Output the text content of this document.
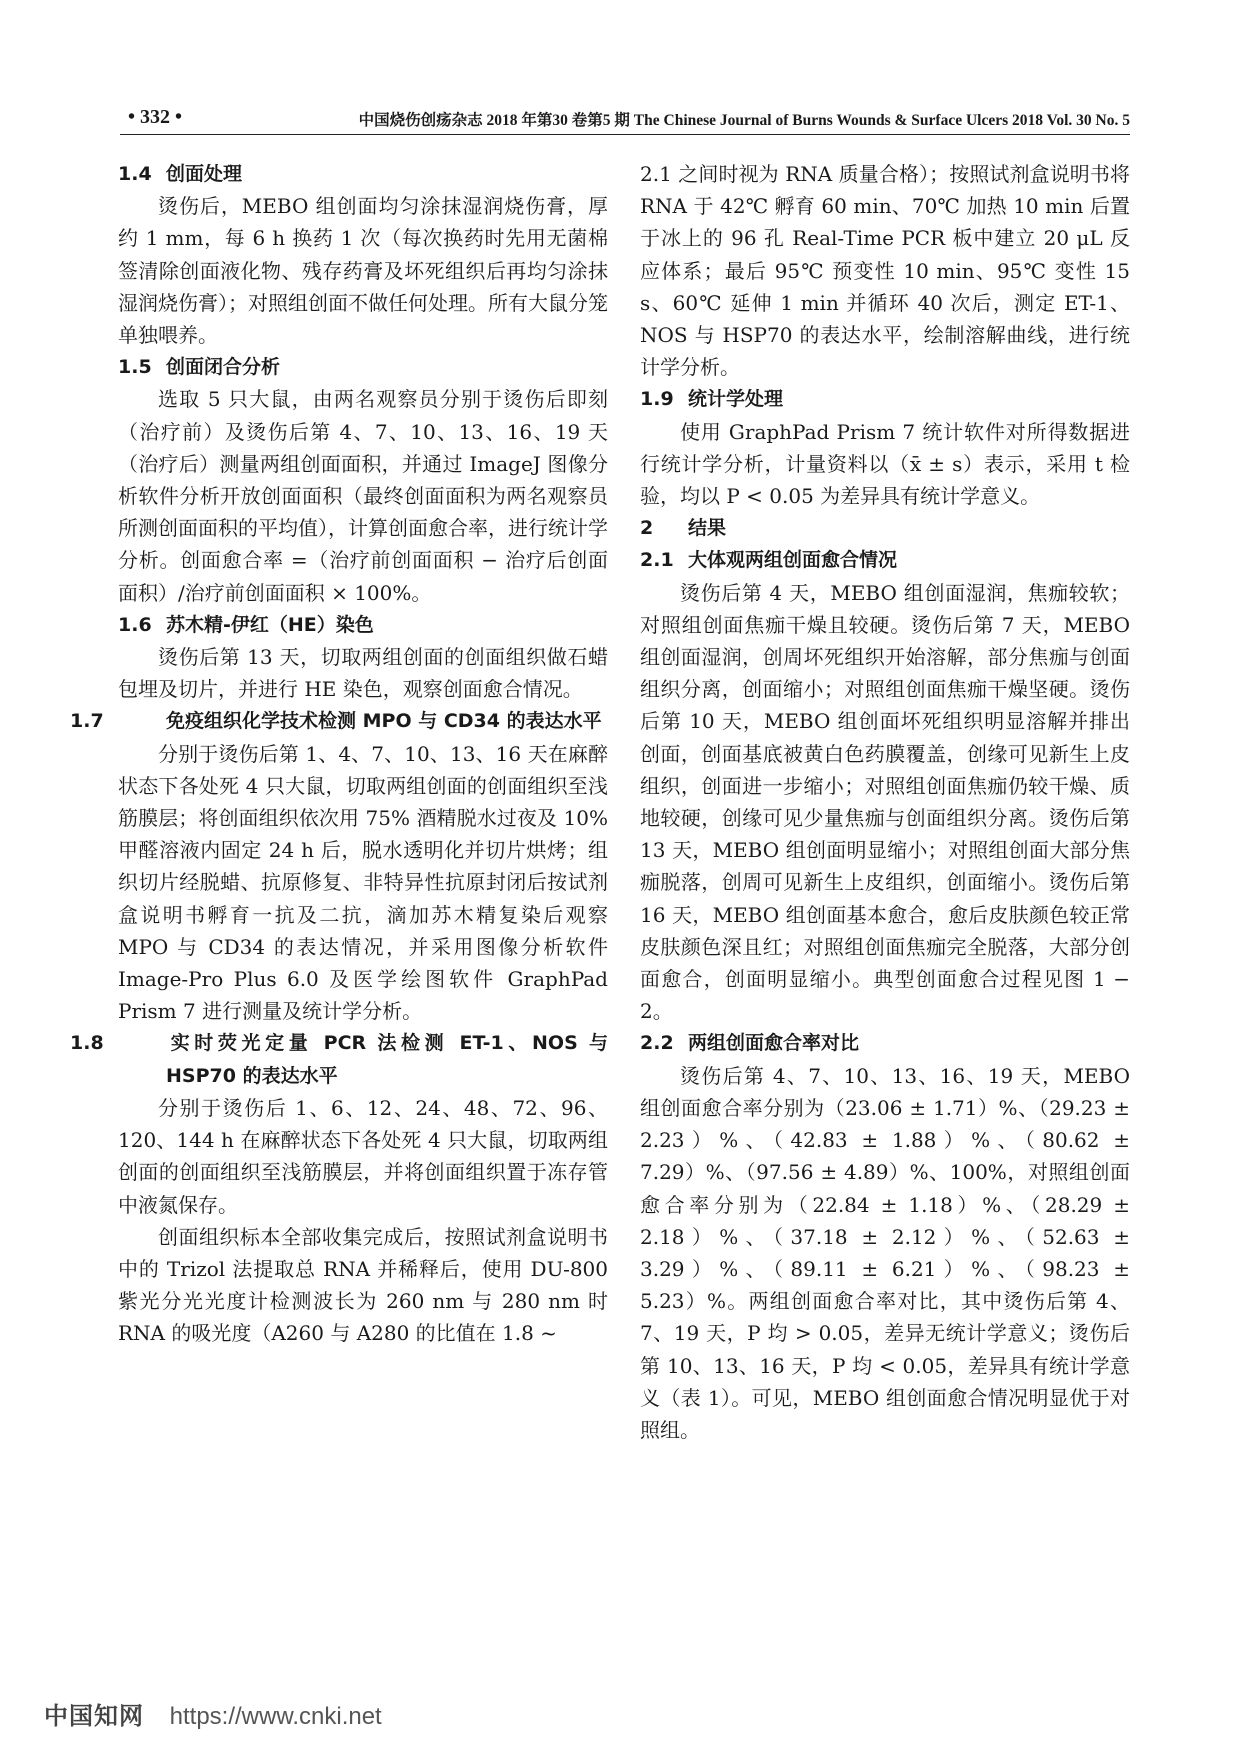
• 332 •	中国烧伤创疡杂志 2018 年第30 卷第5 期 The Chinese Journal of Burns Wounds & Surface Ulcers 2018 Vol. 30 No. 5

1.4 创面处理

烫伤后，MEBO 组创面均匀涂抹湿润烧伤膏，厚约 1 mm，每 6 h 换药 1 次（每次换药时先用无菌棉签清除创面液化物、残存药膏及坏死组织后再均匀涂抹湿润烧伤膏）；对照组创面不做任何处理。所有大鼠分笼单独喂养。

1.5 创面闭合分析

选取 5 只大鼠，由两名观察员分别于烫伤后即刻（治疗前）及烫伤后第 4、7、10、13、16、19 天（治疗后）测量两组创面面积，并通过 ImageJ 图像分析软件分析开放创面面积（最终创面面积为两名观察员所测创面面积的平均值），计算创面愈合率，进行统计学分析。创面愈合率 =（治疗前创面面积 − 治疗后创面面积）/治疗前创面面积 × 100%。

1.6 苏木精-伊红（HE）染色

烫伤后第 13 天，切取两组创面的创面组织做石蜡包埋及切片，并进行 HE 染色，观察创面愈合情况。

1.7	免疫组织化学技术检测 MPO 与 CD34 的表达水平

分别于烫伤后第 1、4、7、10、13、16 天在麻醉状态下各处死 4 只大鼠，切取两组创面的创面组织至浅筋膜层；将创面组织依次用 75% 酒精脱水过夜及 10% 甲醛溶液内固定 24 h 后，脱水透明化并切片烘烤；组织切片经脱蜡、抗原修复、非特异性抗原封闭后按试剂盒说明书孵育一抗及二抗，滴加苏木精复染后观察 MPO 与 CD34 的表达情况，并采用图像分析软件 Image-Pro Plus 6.0 及医学绘图软件 GraphPad Prism 7 进行测量及统计学分析。

1.8	实时荧光定量 PCR 法检测 ET-1、NOS 与 HSP70 的表达水平

分别于烫伤后 1、6、12、24、48、72、96、120、144 h 在麻醉状态下各处死 4 只大鼠，切取两组创面的创面组织至浅筋膜层，并将创面组织置于冻存管中液氮保存。

创面组织标本全部收集完成后，按照试剂盒说明书中的 Trizol 法提取总 RNA 并稀释后，使用 DU-800 紫光分光光度计检测波长为 260 nm 与 280 nm 时 RNA 的吸光度（A260 与 A280 的比值在 1.8 ~

2.1 之间时视为 RNA 质量合格）；按照试剂盒说明书将 RNA 于 42℃ 孵育 60 min、70℃ 加热 10 min 后置于冰上的 96 孔 Real-Time PCR 板中建立 20 μL 反应体系；最后 95℃ 预变性 10 min、95℃ 变性 15 s、60℃ 延伸 1 min 并循环 40 次后，测定 ET-1、NOS 与 HSP70 的表达水平，绘制溶解曲线，进行统计学分析。

1.9 统计学处理

使用 GraphPad Prism 7 统计软件对所得数据进行统计学分析，计量资料以（x̄ ± s）表示，采用 t 检验，均以 P < 0.05 为差异具有统计学意义。

2 结果

2.1 大体观两组创面愈合情况

烫伤后第 4 天，MEBO 组创面湿润，焦痂较软；对照组创面焦痂干燥且较硬。烫伤后第 7 天，MEBO 组创面湿润，创周坏死组织开始溶解，部分焦痂与创面组织分离，创面缩小；对照组创面焦痂干燥坚硬。烫伤后第 10 天，MEBO 组创面坏死组织明显溶解并排出创面，创面基底被黄白色药膜覆盖，创缘可见新生上皮组织，创面进一步缩小；对照组创面焦痂仍较干燥、质地较硬，创缘可见少量焦痂与创面组织分离。烫伤后第 13 天，MEBO 组创面明显缩小；对照组创面大部分焦痂脱落，创周可见新生上皮组织，创面缩小。烫伤后第 16 天，MEBO 组创面基本愈合，愈后皮肤颜色较正常皮肤颜色深且红；对照组创面焦痂完全脱落，大部分创面愈合，创面明显缩小。典型创面愈合过程见图 1 − 2。

2.2 两组创面愈合率对比

烫伤后第 4、7、10、13、16、19 天，MEBO 组创面愈合率分别为（23.06 ± 1.71）%、（29.23 ± 2.23）%、（42.83 ± 1.88）%、（80.62 ± 7.29）%、（97.56 ± 4.89）%、100%，对照组创面愈合率分别为（22.84 ± 1.18）%、（28.29 ± 2.18）%、（37.18 ± 2.12）%、（52.63 ± 3.29）%、（89.11 ± 6.21）%、（98.23 ± 5.23）%。两组创面愈合率对比，其中烫伤后第 4、7、19 天，P 均 > 0.05，差异无统计学意义；烫伤后第 10、13、16 天，P 均 < 0.05，差异具有统计学意义（表 1）。可见，MEBO 组创面愈合情况明显优于对照组。

中国知网 https://www.cnki.net
